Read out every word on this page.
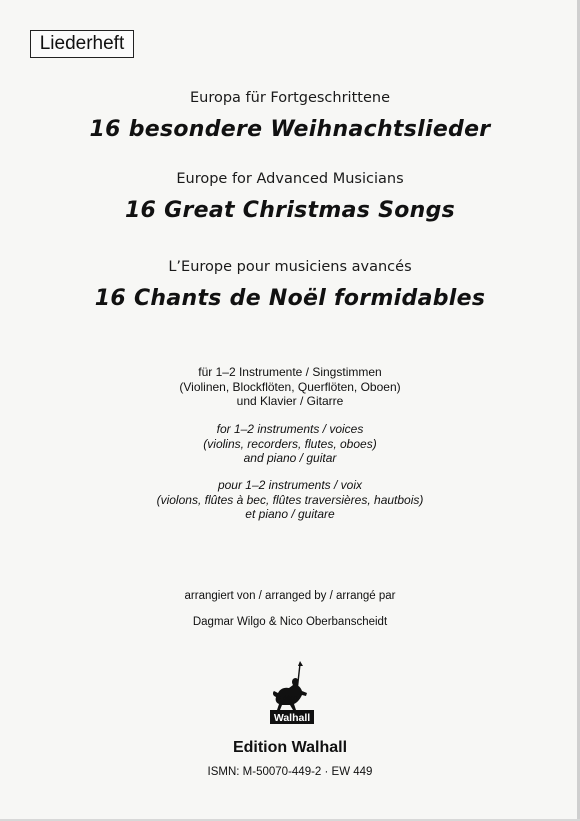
Liederheft
Europa für Fortgeschrittene
16 besondere Weihnachtslieder
Europe for Advanced Musicians
16 Great Christmas Songs
L’Europe pour musiciens avancés
16 Chants de Noël formidables
für 1–2 Instrumente / Singstimmen
(Violinen, Blockflöten, Querflöten, Oboen)
und Klavier / Gitarre
for 1–2 instruments / voices
(violins, recorders, flutes, oboes)
and piano / guitar
pour 1–2 instruments / voix
(violons, flûtes à bec, flûtes traversières, hautbois)
et piano / guitare
arrangiert von / arranged by / arrangé par
Dagmar Wilgo & Nico Oberbanscheidt
Edition
Walhall
Edition Walhall
ISMN: M-50070-449-2 · EW 449
